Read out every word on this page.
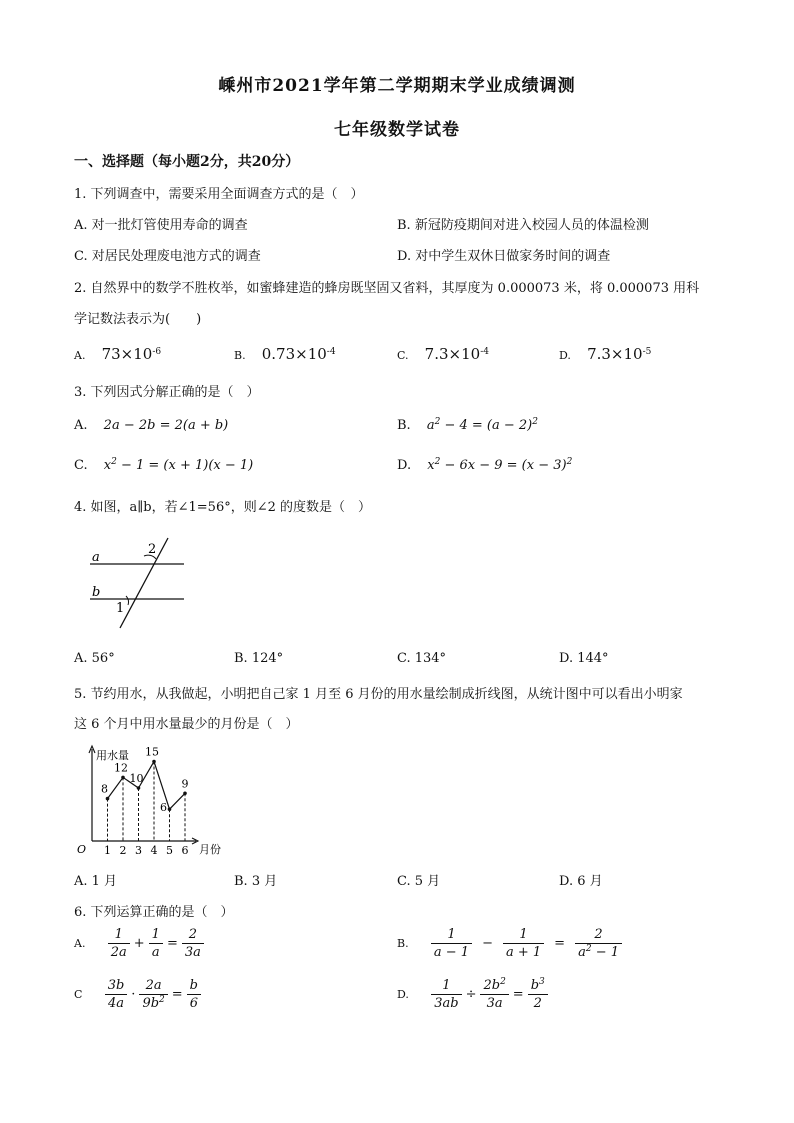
嵊州市2021学年第二学期期末学业成绩调测
七年级数学试卷
一、选择题（每小题2分，共20分）
1. 下列调查中，需要采用全面调查方式的是（　）
A. 对一批灯管使用寿命的调查	B. 新冠防疫期间对进入校园人员的体温检测
C. 对居民处理废电池方式的调查	D. 对中学生双休日做家务时间的调查
2. 自然界中的数学不胜枚举，如蜜蜂建造的蜂房既坚固又省料，其厚度为 0.000073 米，将 0.000073 用科
学记数法表示为(　　)
A. $73\times 10^{-6}$	B. $0.73\times 10^{-4}$	C. $7.3\times 10^{-4}$	D. $7.3\times 10^{-5}$
3. 下列因式分解正确的是（　）
A. 2a − 2b = 2(a + b)	B. $a^2 - 4 = (a - 2)^2$
C. $x^2 - 1 = (x + 1)(x - 1)$	D. $x^2 - 6x - 9 = (x - 3)^2$
4. 如图，a∥b，若∠1=56°，则∠2 的度数是（　）
a
b
2
1
A. 56°	B. 124°	C. 134°	D. 144°
5. 节约用水，从我做起，小明把自己家 1 月至 6 月份的用水量绘制成折线图，从统计图中可以看出小明家
这 6 个月中用水量最少的月份是（　）
用水量
月份
O 1 2 3 4 5 6
8
12
10
15
6
9
A. 1 月	B. 3 月	C. 5 月	D. 6 月
6. 下列运算正确的是（　）
A. $\frac{1}{2a} + \frac{1}{a} = \frac{2}{3a}$	B. $\frac{1}{a - 1} - \frac{1}{a + 1} = \frac{2}{a^2 - 1}$
C $\frac{3b}{4a} \cdot \frac{2a}{9b^2} = \frac{b}{6}$	D. $\frac{1}{3ab} \div \frac{2b^2}{3a} = \frac{b^3}{2}$
